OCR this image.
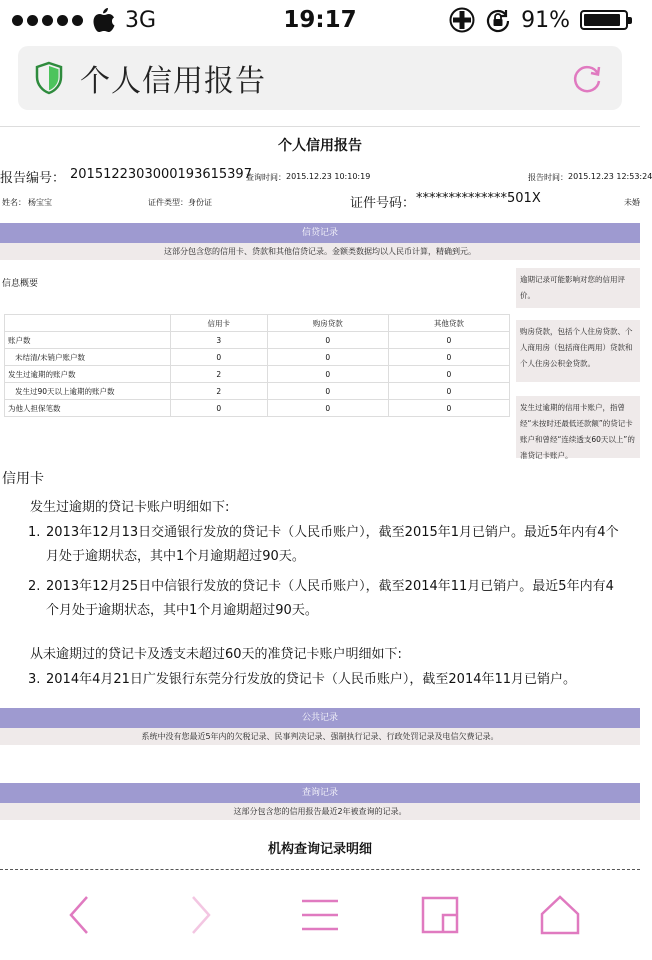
3G	19:17	91%
个人信用报告
个人信用报告
报告编号： 2015122303000193615397
查询时间： 2015.12.23 10:10:19	报告时间： 2015.12.23 12:53:24
姓名： 杨宝宝	证件类型： 身份证	证件号码： **************501X	未婚
信贷记录
这部分包含您的信用卡、贷款和其他信贷记录。金额类数据均以人民币计算，精确到元。
信息概要
	信用卡	购房贷款	其他贷款
账户数	3	0	0
未结清/未销户账户数	0	0	0
发生过逾期的账户数	2	0	0
发生过90天以上逾期的账户数	2	0	0
为他人担保笔数	0	0	0
逾期记录可能影响对您的信用评价。
购房贷款，包括个人住房贷款、个人商用房（包括商住两用）贷款和个人住房公积金贷款。
发生过逾期的信用卡账户，指曾经“未按时还最低还款额”的贷记卡账户和曾经“连续透支60天以上”的准贷记卡账户。
信用卡
发生过逾期的贷记卡账户明细如下:
1. 2013年12月13日交通银行发放的贷记卡（人民币账户），截至2015年1月已销户。最近5年内有4个月处于逾期状态，其中1个月逾期超过90天。
2. 2013年12月25日中信银行发放的贷记卡（人民币账户），截至2014年11月已销户。最近5年内有4个月处于逾期状态，其中1个月逾期超过90天。
从未逾期过的贷记卡及透支未超过60天的准贷记卡账户明细如下:
3. 2014年4月21日广发银行东莞分行发放的贷记卡（人民币账户），截至2014年11月已销户。
公共记录
系统中没有您最近5年内的欠税记录、民事判决记录、强制执行记录、行政处罚记录及电信欠费记录。
查询记录
这部分包含您的信用报告最近2年被查询的记录。
机构查询记录明细
